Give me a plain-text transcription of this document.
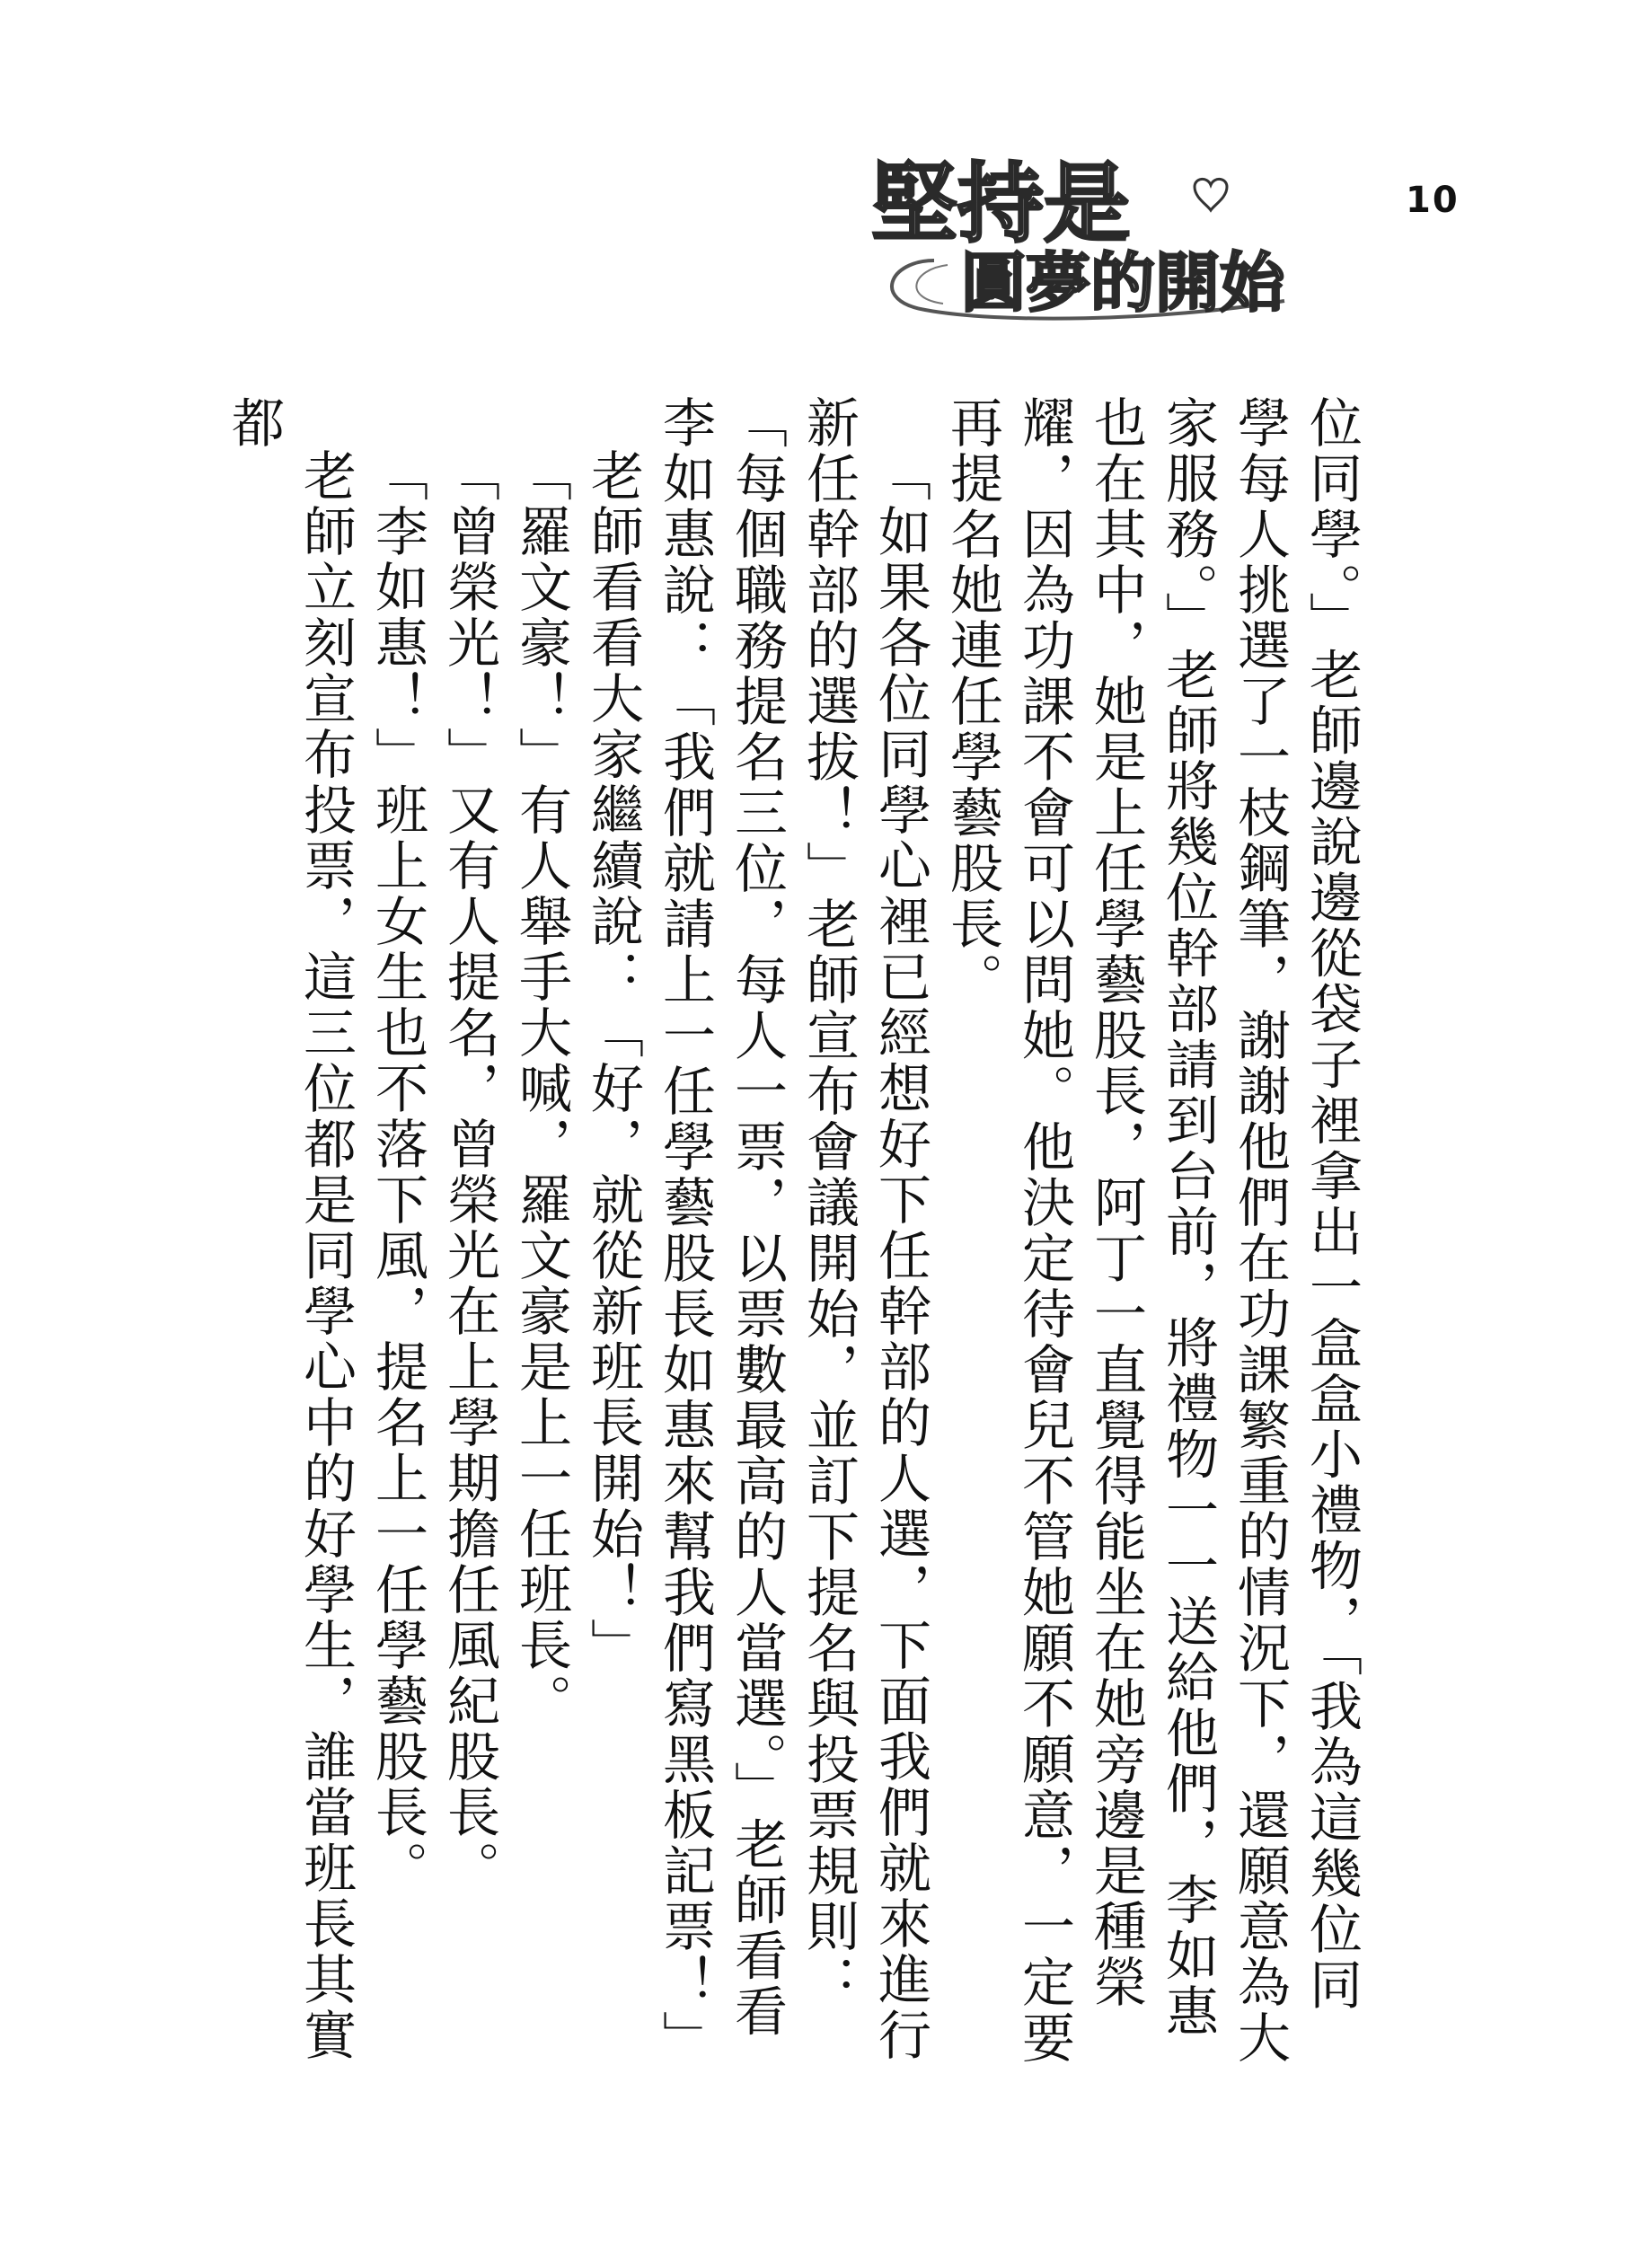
堅持是
圓夢的開始
10

位同學。」老師邊說邊從袋子裡拿出一盒盒小禮物，「我為這幾位同學每人挑選了一枝鋼筆，謝謝他們在功課繁重的情況下，還願意為大家服務。」老師將幾位幹部請到台前，將禮物一一送給他們，李如惠也在其中，她是上任學藝股長，阿丁一直覺得能坐在她旁邊是種榮耀，因為功課不會可以問她。他決定待會兒不管她願不願意，一定要再提名她連任學藝股長。

「如果各位同學心裡已經想好下任幹部的人選，下面我們就來進行新任幹部的選拔！」老師宣布會議開始，並訂下提名與投票規則：「每個職務提名三位，每人一票，以票數最高的人當選。」老師看看李如惠說：「我們就請上一任學藝股長如惠來幫我們寫黑板記票！」

老師看看大家繼續說：「好，就從新班長開始！」

「羅文豪！」有人舉手大喊，羅文豪是上一任班長。

「曾榮光！」又有人提名，曾榮光在上學期擔任風紀股長。

「李如惠！」班上女生也不落下風，提名上一任學藝股長。

老師立刻宣布投票，這三位都是同學心中的好學生，誰當班長其實都
